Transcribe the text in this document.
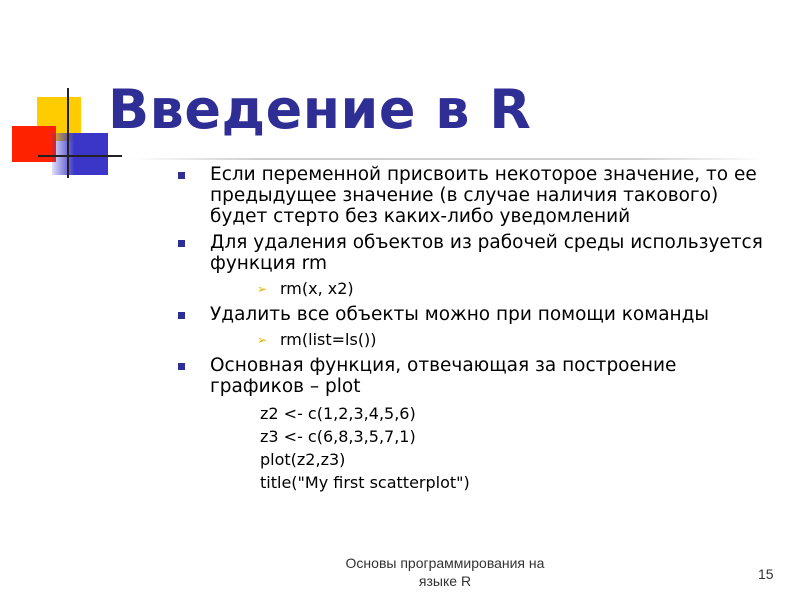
Введение в R
Если переменной присвоить некоторое значение, то ее предыдущее значение (в случае наличия такового) будет стерто без каких-либо уведомлений
Для удаления объектов из рабочей среды используется функция rm
➢ rm(x, x2)
Удалить все объекты можно при помощи команды
➢ rm(list=ls())
Основная функция, отвечающая за построение графиков – plot
z2 <- c(1,2,3,4,5,6)
z3 <- c(6,8,3,5,7,1)
plot(z2,z3)
title("My first scatterplot")
Основы программирования на
языке R	15
